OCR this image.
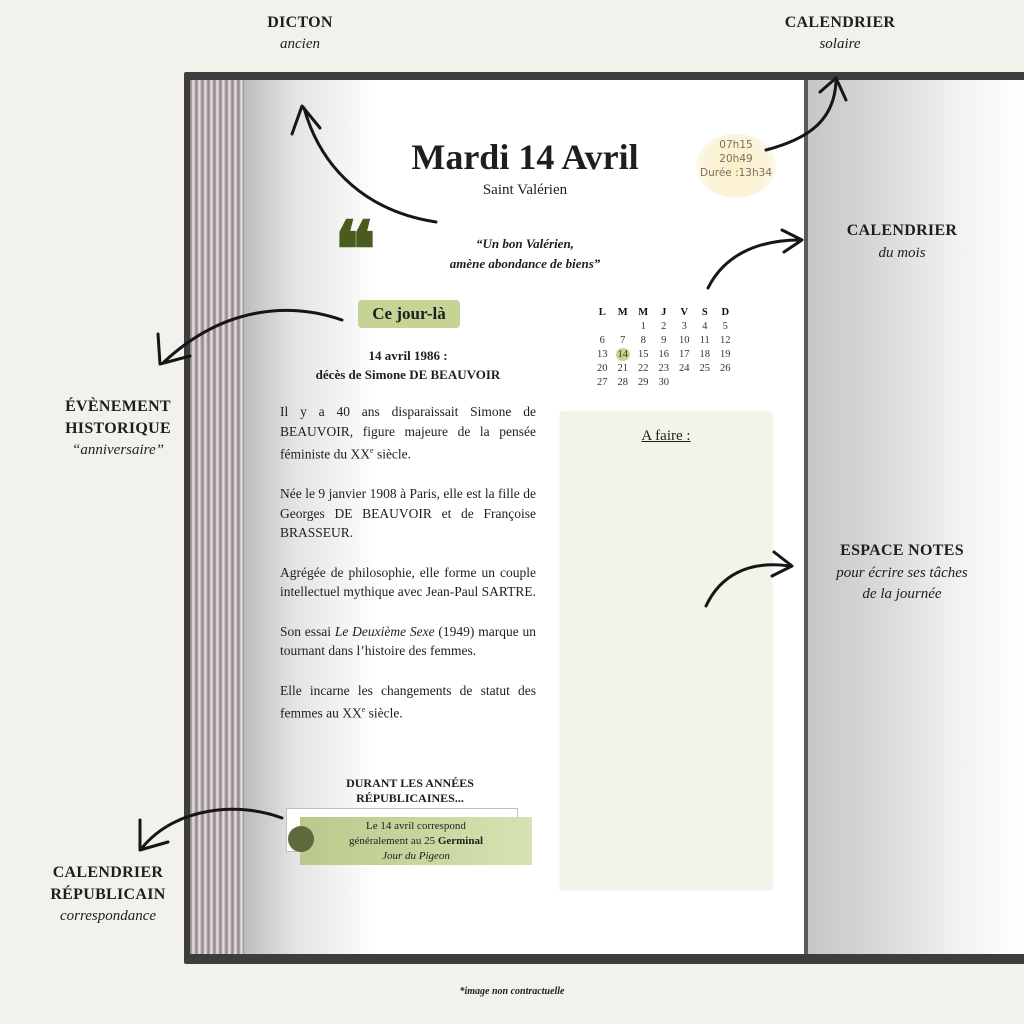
DICTON
ancien
CALENDRIER
solaire
CALENDRIER
du mois
ESPACE NOTES
pour écrire ses tâches
de la journée
ÉVÈNEMENT
HISTORIQUE
“anniversaire”
CALENDRIER
RÉPUBLICAIN
correspondance
Mardi 14 Avril
Saint Valérien
07h15
20h49
Durée :13h34
❝	“Un bon Valérien,
amène abondance de biens”
Ce jour-là
14 avril 1986 :
décès de Simone DE BEAUVOIR

Il y a 40 ans disparaissait Simone de BEAUVOIR, figure majeure de la pensée féministe du XXe siècle.

Née le 9 janvier 1908 à Paris, elle est la fille de Georges DE BEAUVOIR et de Françoise BRASSEUR.

Agrégée de philosophie, elle forme un couple intellectuel mythique avec Jean-Paul SARTRE.

Son essai Le Deuxième Sexe (1949) marque un tournant dans l’histoire des femmes.

Elle incarne les changements de statut des femmes au XXe siècle.

DURANT LES ANNÉES
RÉPUBLICAINES...
Le 14 avril correspond
généralement au 25 Germinal
Jour du Pigeon
L	M	M	J	V	S	D
		1	2	3	4	5
6	7	8	9	10	11	12
13	14	15	16	17	18	19
20	21	22	23	24	25	26
27	28	29	30			
A faire :
*image non contractuelle
